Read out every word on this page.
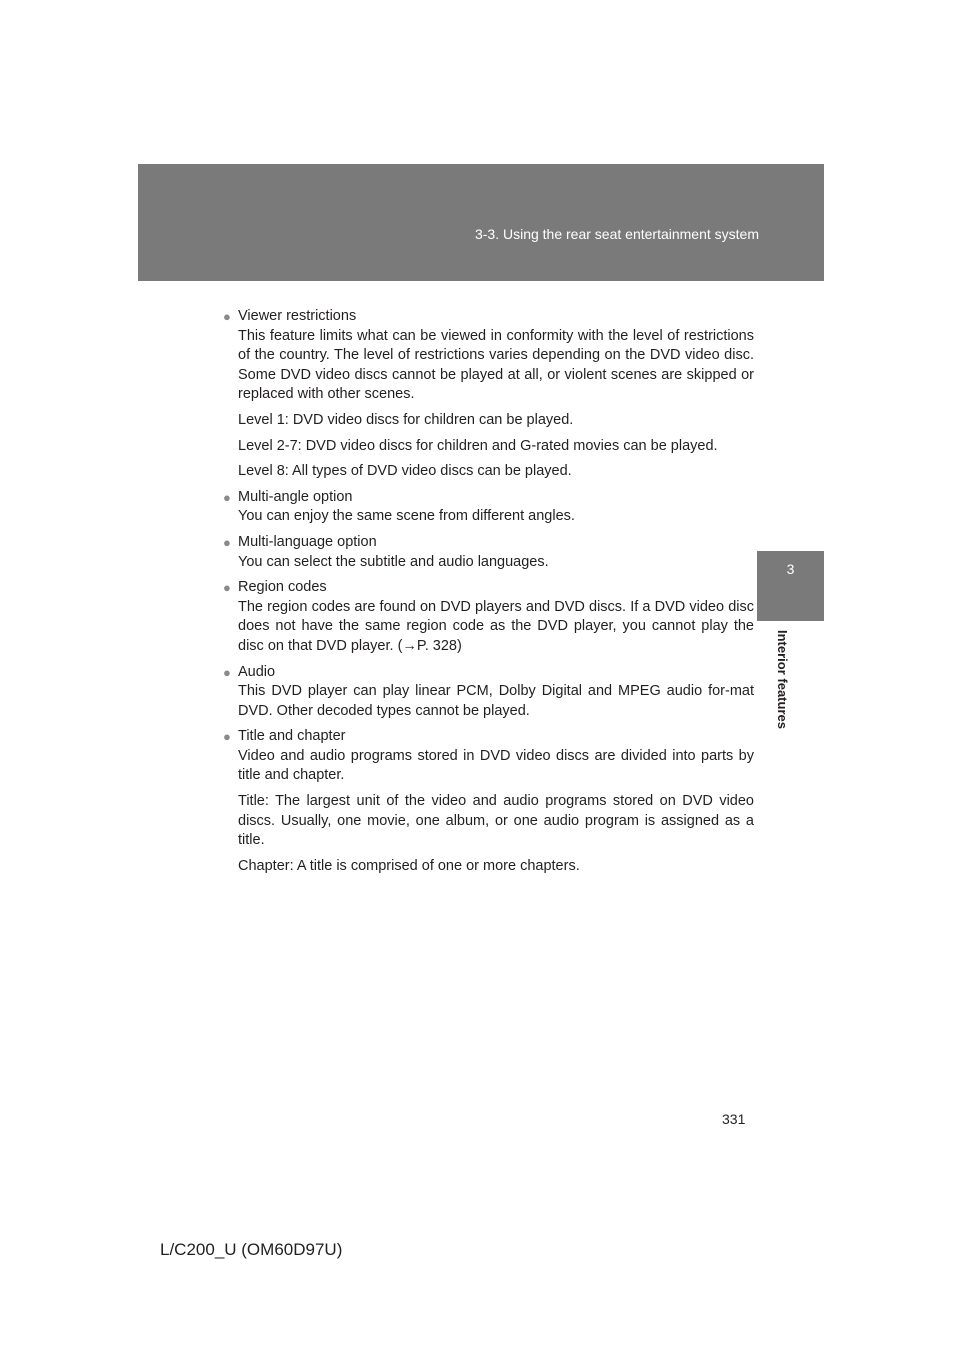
3-3. Using the rear seat entertainment system
3
Interior features
● Viewer restrictions

This feature limits what can be viewed in conformity with the level of restrictions of the country. The level of restrictions varies depending on the DVD video disc. Some DVD video discs cannot be played at all, or violent scenes are skipped or replaced with other scenes.

Level 1: DVD video discs for children can be played.

Level 2-7: DVD video discs for children and G-rated movies can be played.

Level 8: All types of DVD video discs can be played.

● Multi-angle option

You can enjoy the same scene from different angles.

● Multi-language option

You can select the subtitle and audio languages.

● Region codes

The region codes are found on DVD players and DVD discs. If a DVD video disc does not have the same region code as the DVD player, you cannot play the disc on that DVD player. (→P. 328)

● Audio

This DVD player can play linear PCM, Dolby Digital and MPEG audio for-mat DVD. Other decoded types cannot be played.

● Title and chapter

Video and audio programs stored in DVD video discs are divided into parts by title and chapter.

Title: The largest unit of the video and audio programs stored on DVD video discs. Usually, one movie, one album, or one audio program is assigned as a title.

Chapter: A title is comprised of one or more chapters.

331
L/C200_U (OM60D97U)
